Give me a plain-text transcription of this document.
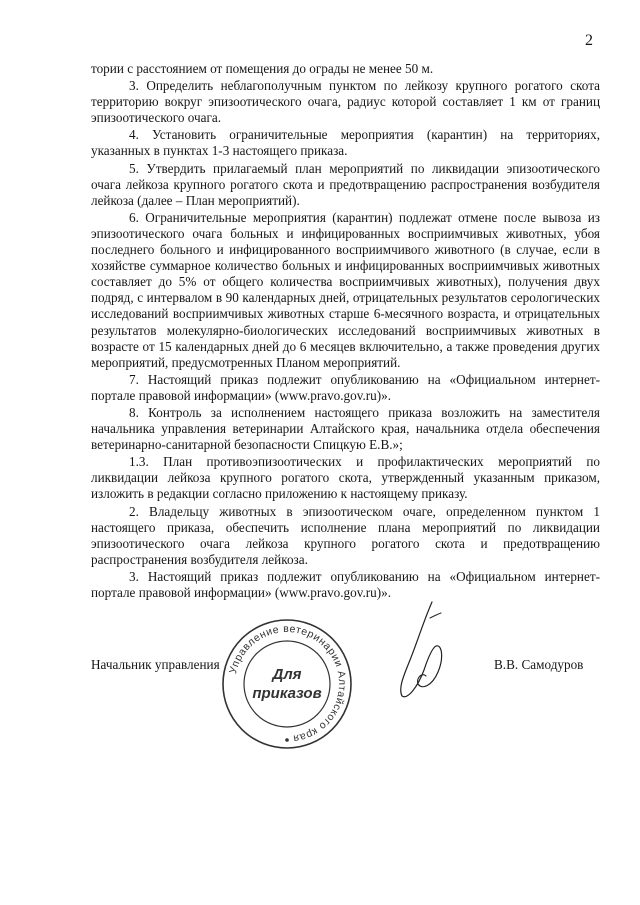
2

тории с расстоянием от помещения до ограды не менее 50 м.

3. Определить неблагополучным пунктом по лейкозу крупного рогатого скота территорию вокруг эпизоотического очага, радиус которой составляет 1 км от границ эпизоотического очага.

4. Установить ограничительные мероприятия (карантин) на территориях, указанных в пунктах 1-3 настоящего приказа.

5. Утвердить прилагаемый план мероприятий по ликвидации эпизоотического очага лейкоза крупного рогатого скота и предотвращению распространения возбудителя лейкоза (далее – План мероприятий).

6. Ограничительные мероприятия (карантин) подлежат отмене после вывоза из эпизоотического очага больных и инфицированных восприимчивых животных, убоя последнего больного и инфицированного восприимчивого животного (в случае, если в хозяйстве суммарное количество больных и инфицированных восприимчивых животных составляет до 5% от общего количества восприимчивых животных), получения двух подряд, с интервалом в 90 календарных дней, отрицательных результатов серологических исследований восприимчивых животных старше 6-месячного возраста, и отрицательных результатов молекулярно-биологических исследований восприимчивых животных в возрасте от 15 календарных дней до 6 месяцев включительно, а также проведения других мероприятий, предусмотренных Планом мероприятий.

7. Настоящий приказ подлежит опубликованию на «Официальном интернет-портале правовой информации» (www.pravo.gov.ru)».

8. Контроль за исполнением настоящего приказа возложить на заместителя начальника управления ветеринарии Алтайского края, начальника отдела обеспечения ветеринарно-санитарной безопасности Спицкую Е.В.»;

1.3. План противоэпизоотических и профилактических мероприятий по ликвидации лейкоза крупного рогатого скота, утвержденный указанным приказом, изложить в редакции согласно приложению к настоящему приказу.

2. Владельцу животных в эпизоотическом очаге, определенном пунктом 1 настоящего приказа, обеспечить исполнение плана мероприятий по ликвидации эпизоотического очага лейкоза крупного рогатого скота и предотвращению распространения возбудителя лейкоза.

3. Настоящий приказ подлежит опубликованию на «Официальном интернет-портале правовой информации» (www.pravo.gov.ru)».

Начальник управления Управление ветеринарии Алтайского края
Для
приказов
В.В. Самодуров
